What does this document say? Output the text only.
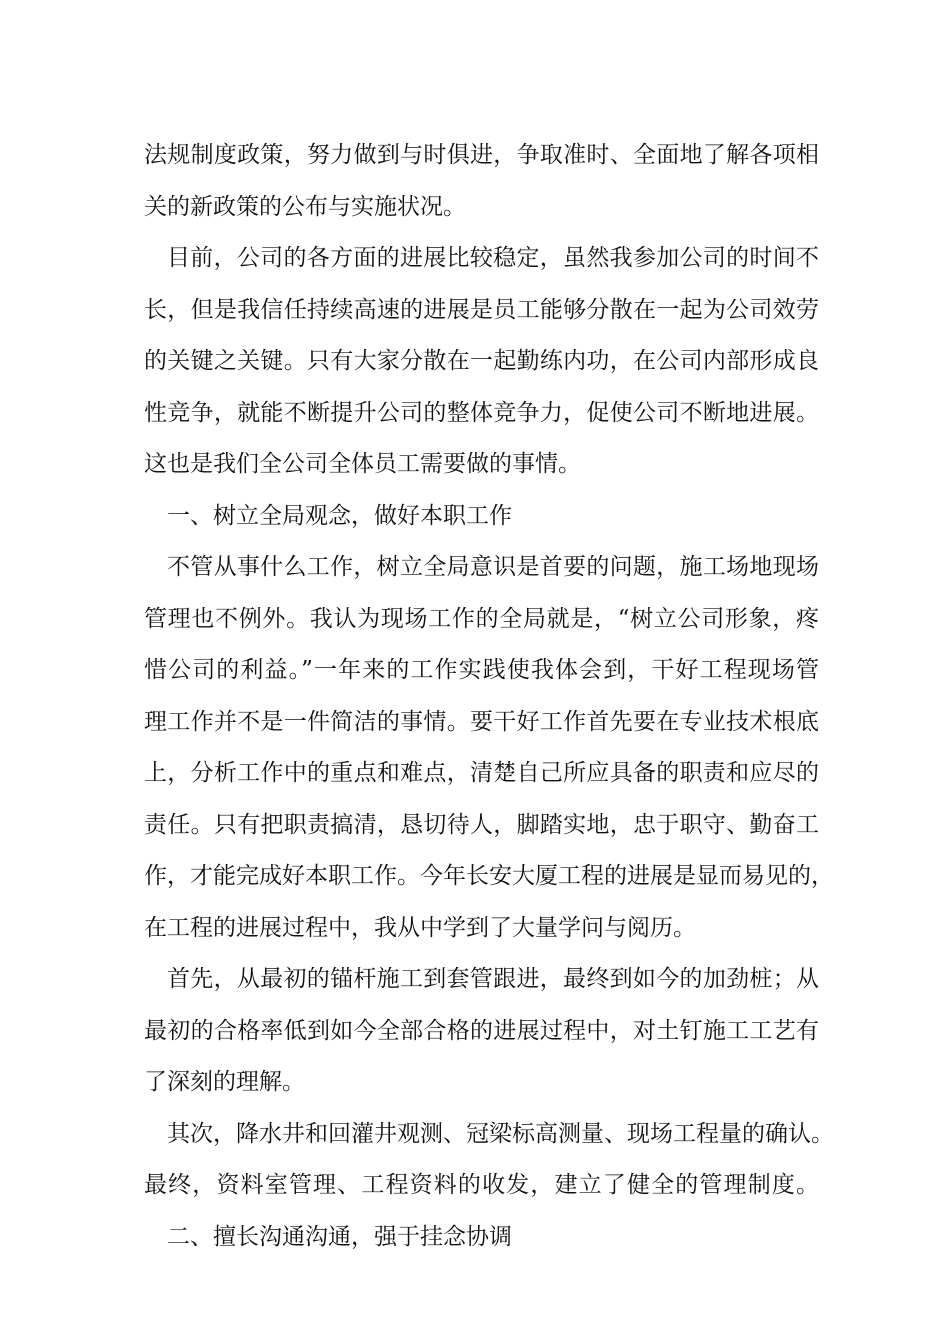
法规制度政策，努力做到与时俱进，争取准时、全面地了解各项相
关的新政策的公布与实施状况。
目前，公司的各方面的进展比较稳定，虽然我参加公司的时间不
长，但是我信任持续高速的进展是员工能够分散在一起为公司效劳
的关键之关键。只有大家分散在一起勤练内功，在公司内部形成良
性竞争，就能不断提升公司的整体竞争力，促使公司不断地进展。
这也是我们全公司全体员工需要做的事情。
一、树立全局观念，做好本职工作
不管从事什么工作，树立全局意识是首要的问题，施工场地现场
管理也不例外。我认为现场工作的全局就是，“树立公司形象，疼
惜公司的利益。”一年来的工作实践使我体会到，干好工程现场管
理工作并不是一件简洁的事情。要干好工作首先要在专业技术根底
上，分析工作中的重点和难点，清楚自己所应具备的职责和应尽的
责任。只有把职责搞清，恳切待人，脚踏实地，忠于职守、勤奋工
作，才能完成好本职工作。今年长安大厦工程的进展是显而易见的，
在工程的进展过程中，我从中学到了大量学问与阅历。
首先，从最初的锚杆施工到套管跟进，最终到如今的加劲桩；从
最初的合格率低到如今全部合格的进展过程中，对土钉施工工艺有
了深刻的理解。
其次，降水井和回灌井观测、冠梁标高测量、现场工程量的确认。
最终，资料室管理、工程资料的收发，建立了健全的管理制度。
二、擅长沟通沟通，强于挂念协调
